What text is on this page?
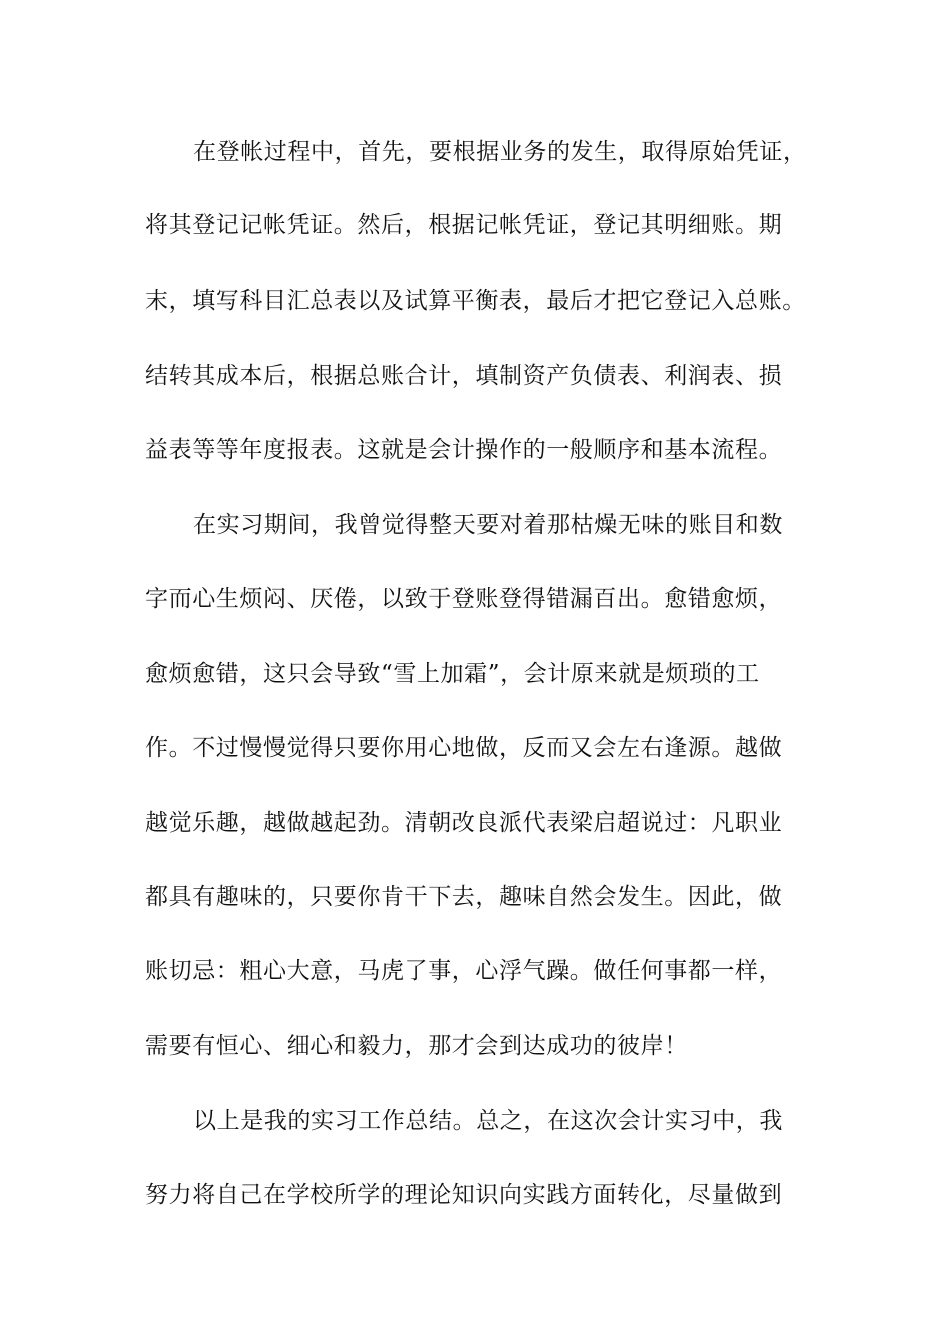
在登帐过程中，首先，要根据业务的发生，取得原始凭证，
将其登记记帐凭证。然后，根据记帐凭证，登记其明细账。期
末，填写科目汇总表以及试算平衡表，最后才把它登记入总账。
结转其成本后，根据总账合计，填制资产负债表、利润表、损
益表等等年度报表。这就是会计操作的一般顺序和基本流程。
在实习期间，我曾觉得整天要对着那枯燥无味的账目和数
字而心生烦闷、厌倦，以致于登账登得错漏百出。愈错愈烦，
愈烦愈错，这只会导致“雪上加霜”，会计原来就是烦琐的工
作。不过慢慢觉得只要你用心地做，反而又会左右逢源。越做
越觉乐趣，越做越起劲。清朝改良派代表梁启超说过：凡职业
都具有趣味的，只要你肯干下去，趣味自然会发生。因此，做
账切忌：粗心大意，马虎了事，心浮气躁。做任何事都一样，
需要有恒心、细心和毅力，那才会到达成功的彼岸！
以上是我的实习工作总结。总之，在这次会计实习中，我
努力将自己在学校所学的理论知识向实践方面转化，尽量做到
